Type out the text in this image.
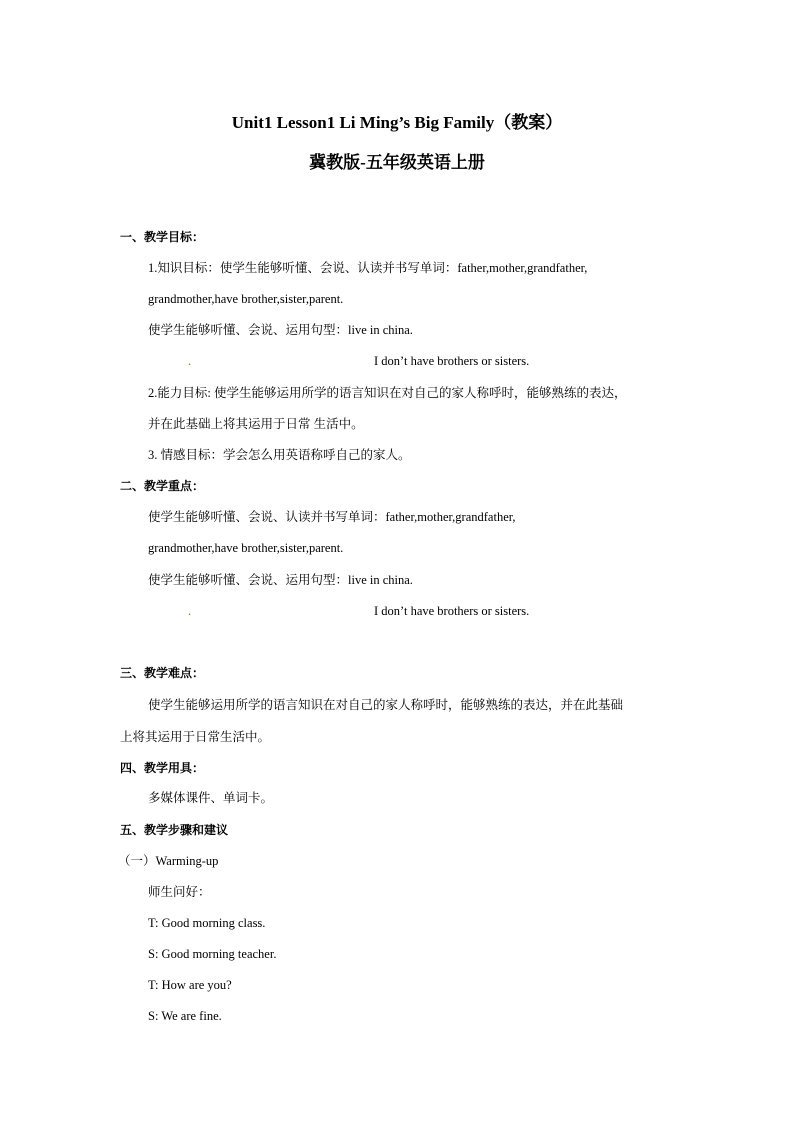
Unit1 Lesson1 Li Ming’s Big Family（教案）
冀教版-五年级英语上册
一、教学目标：
1.知识目标：使学生能够听懂、会说、认读并书写单词：father,mother,grandfather,
grandmother,have brother,sister,parent.
使学生能够听懂、会说、运用句型：live in china.
.	I don’t have brothers or sisters.
2.能力目标: 使学生能够运用所学的语言知识在对自己的家人称呼时，能够熟练的表达，
并在此基础上将其运用于日常 生活中。
3. 情感目标：学会怎么用英语称呼自己的家人。
二、教学重点：
使学生能够听懂、会说、认读并书写单词：father,mother,grandfather,
grandmother,have brother,sister,parent.
使学生能够听懂、会说、运用句型：live in china.
.	I don’t have brothers or sisters.
三、教学难点：
使学生能够运用所学的语言知识在对自己的家人称呼时，能够熟练的表达，并在此基础
上将其运用于日常生活中。
四、教学用具：
多媒体课件、单词卡。
五、教学步骤和建议
（一）Warming-up
师生问好：
T: Good morning class.
S: Good morning teacher.
T: How are you?
S: We are fine.
